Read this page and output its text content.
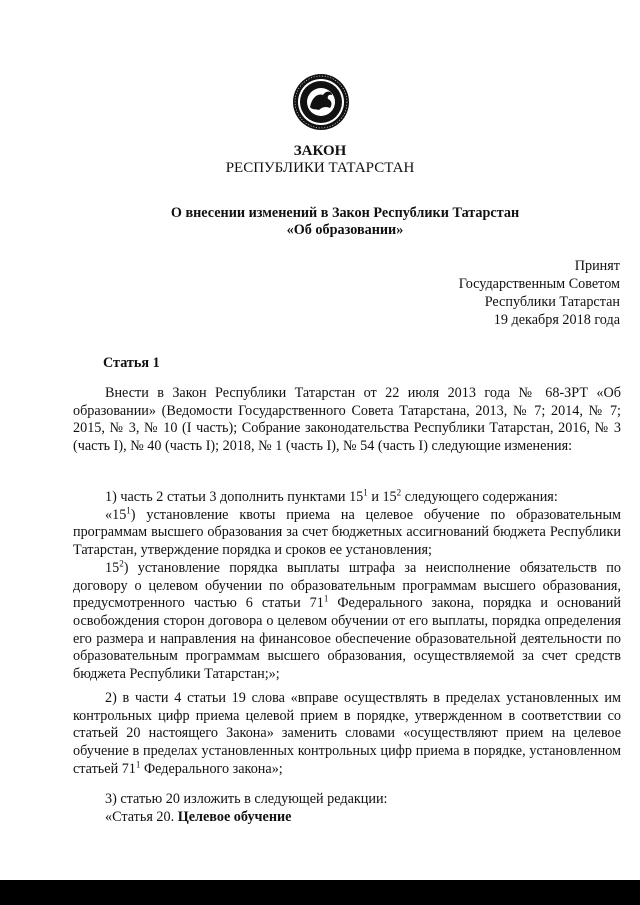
ЗАКОН
РЕСПУБЛИКИ ТАТАРСТАН
О внесении изменений в Закон Республики Татарстан
«Об образовании»
Принят
Государственным Советом
Республики Татарстан
19 декабря 2018 года
Статья 1

Внести в Закон Республики Татарстан от 22 июля 2013 года № 68-ЗРТ «Об образовании» (Ведомости Государственного Совета Татарстана, 2013, № 7; 2014, № 7; 2015, № 3, № 10 (I часть); Собрание законодательства Республики Татарстан, 2016, № 3 (часть I), № 40 (часть I); 2018, № 1 (часть I), № 54 (часть I) следующие изменения:

1) часть 2 статьи 3 дополнить пунктами $15^1$ и $15^2$ следующего содержания:

«$15^1$) установление квоты приема на целевое обучение по образовательным программам высшего образования за счет бюджетных ассигнований бюджета Республики Татарстан, утверждение порядка и сроков ее установления;

$15^2$) установление порядка выплаты штрафа за неисполнение обязательств по договору о целевом обучении по образовательным программам высшего образования, предусмотренного частью 6 статьи $71^1$ Федерального закона, порядка и оснований освобождения сторон договора о целевом обучении от его выплаты, порядка определения его размера и направления на финансовое обеспечение образовательной деятельности по образовательным программам высшего образования, осуществляемой за счет средств бюджета Республики Татарстан;»;

2) в части 4 статьи 19 слова «вправе осуществлять в пределах установленных им контрольных цифр приема целевой прием в порядке, утвержденном в соответствии со статьей 20 настоящего Закона» заменить словами «осуществляют прием на целевое обучение в пределах установленных контрольных цифр приема в порядке, установленном статьей $71^1$ Федерального закона»;

3) статью 20 изложить в следующей редакции:

«Статья 20. Целевое обучение
